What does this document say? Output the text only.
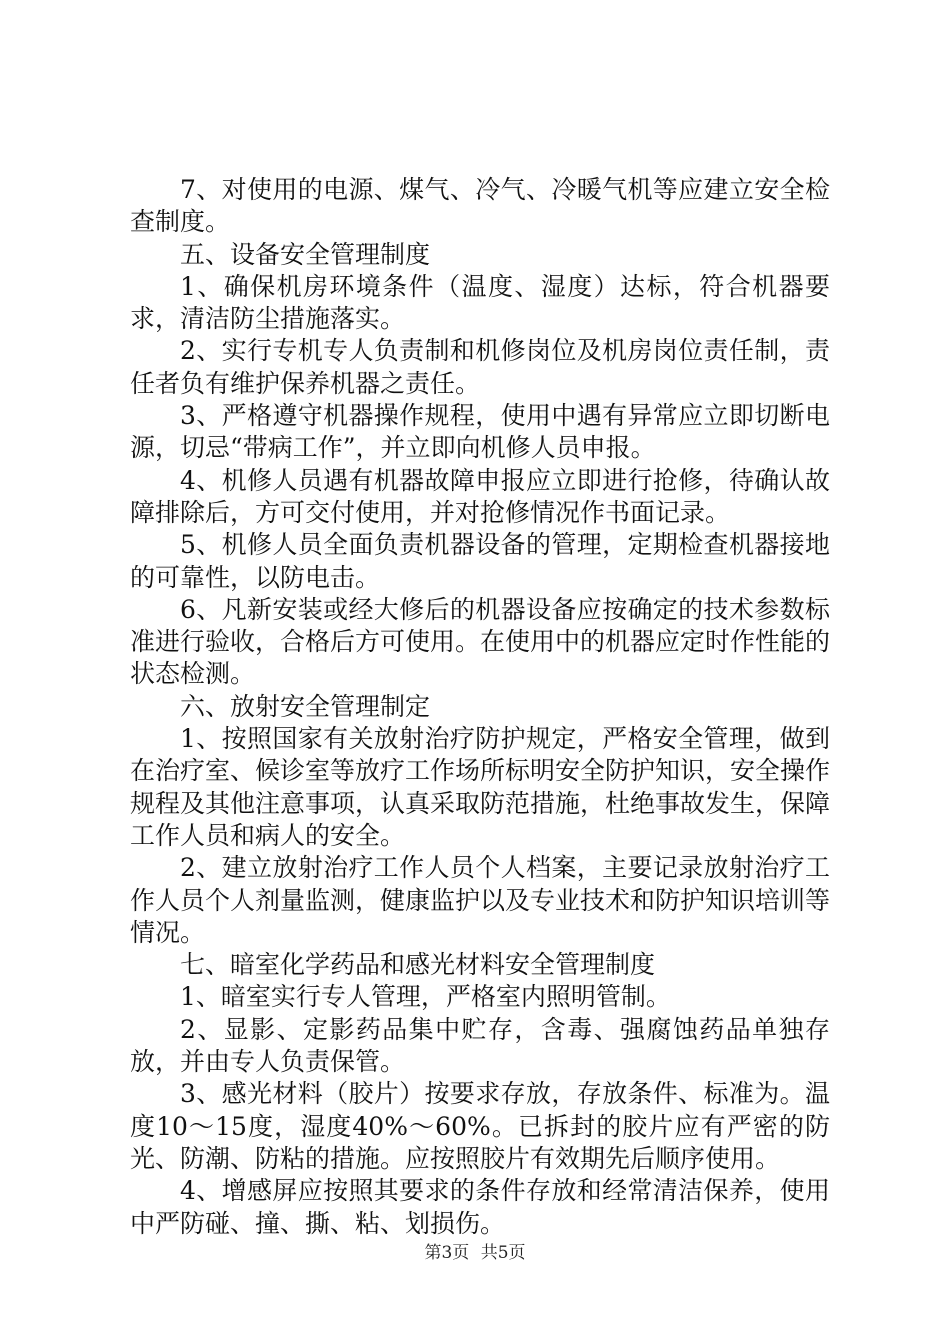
7、对使用的电源、煤气、冷气、冷暖气机等应建立安全检查制度。

五、设备安全管理制度

1、确保机房环境条件（温度、湿度）达标，符合机器要求，清洁防尘措施落实。

2、实行专机专人负责制和机修岗位及机房岗位责任制，责任者负有维护保养机器之责任。

3、严格遵守机器操作规程，使用中遇有异常应立即切断电源，切忌“带病工作”，并立即向机修人员申报。

4、机修人员遇有机器故障申报应立即进行抢修，待确认故障排除后，方可交付使用，并对抢修情况作书面记录。

5、机修人员全面负责机器设备的管理，定期检查机器接地的可靠性，以防电击。

6、凡新安装或经大修后的机器设备应按确定的技术参数标准进行验收，合格后方可使用。在使用中的机器应定时作性能的状态检测。

六、放射安全管理制定

1、按照国家有关放射治疗防护规定，严格安全管理，做到在治疗室、候诊室等放疗工作场所标明安全防护知识，安全操作规程及其他注意事项，认真采取防范措施，杜绝事故发生，保障工作人员和病人的安全。

2、建立放射治疗工作人员个人档案，主要记录放射治疗工作人员个人剂量监测，健康监护以及专业技术和防护知识培训等情况。

七、暗室化学药品和感光材料安全管理制度

1、暗室实行专人管理，严格室内照明管制。

2、显影、定影药品集中贮存，含毒、强腐蚀药品单独存放，并由专人负责保管。

3、感光材料（胶片）按要求存放，存放条件、标准为。温度10～15度，湿度40%～60%。已拆封的胶片应有严密的防光、防潮、防粘的措施。应按照胶片有效期先后顺序使用。

4、增感屏应按照其要求的条件存放和经常清洁保养，使用中严防碰、撞、撕、粘、划损伤。

第3页 共5页
